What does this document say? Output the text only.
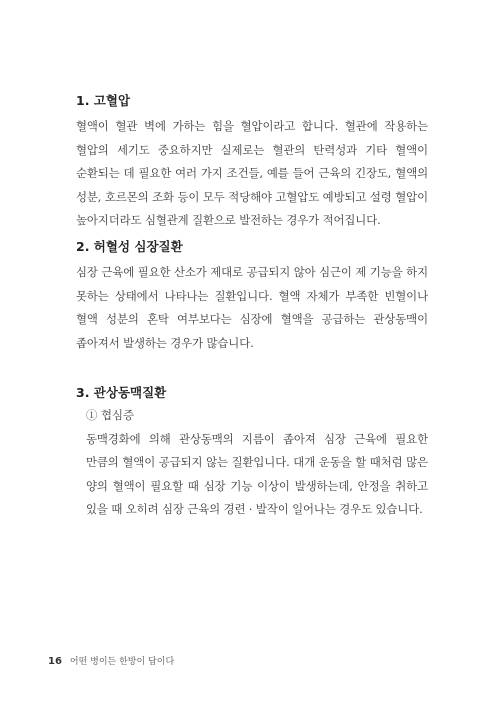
1. 고혈압

혈액이 혈관 벽에 가하는 힘을 혈압이라고 합니다. 혈관에 작용하는 혈압의 세기도 중요하지만 실제로는 혈관의 탄력성과 기타 혈액이 순환되는 데 필요한 여러 가지 조건들, 예를 들어 근육의 긴장도, 혈액의 성분, 호르몬의 조화 등이 모두 적당해야 고혈압도 예방되고 설령 혈압이 높아지더라도 심혈관계 질환으로 발전하는 경우가 적어집니다.

2. 허혈성 심장질환

심장 근육에 필요한 산소가 제대로 공급되지 않아 심근이 제 기능을 하지 못하는 상태에서 나타나는 질환입니다. 혈액 자체가 부족한 빈혈이나 혈액 성분의 혼탁 여부보다는 심장에 혈액을 공급하는 관상동맥이 좁아져서 발생하는 경우가 많습니다.

3. 관상동맥질환

① 협심증

동맥경화에 의해 관상동맥의 지름이 좁아져 심장 근육에 필요한 만큼의 혈액이 공급되지 않는 질환입니다. 대개 운동을 할 때처럼 많은 양의 혈액이 필요할 때 심장 기능 이상이 발생하는데, 안정을 취하고 있을 때 오히려 심장 근육의 경련 · 발작이 일어나는 경우도 있습니다.

16 어떤 병이든 한방이 답이다
